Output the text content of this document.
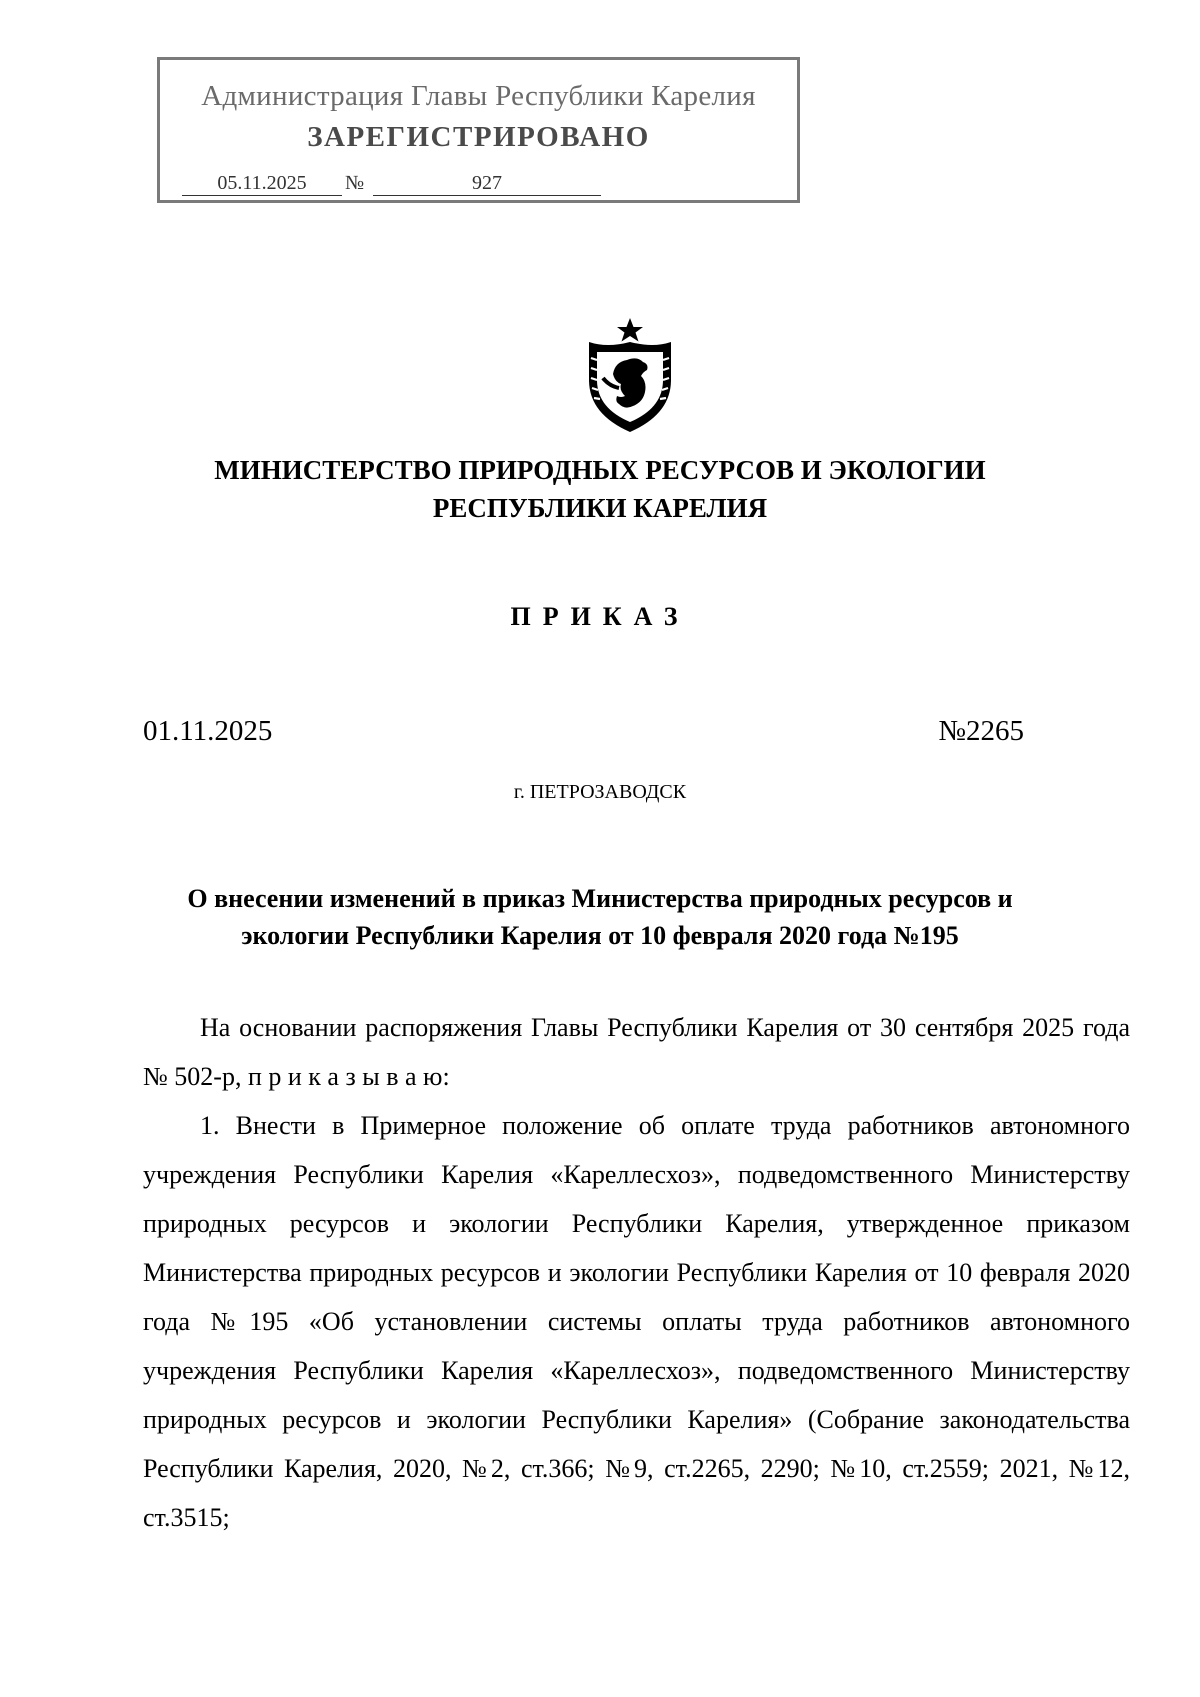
Администрация Главы Республики Карелия
ЗАРЕГИСТРИРОВАНО
05.11.2025	№	927
МИНИСТЕРСТВО ПРИРОДНЫХ РЕСУРСОВ И ЭКОЛОГИИ
РЕСПУБЛИКИ КАРЕЛИЯ
ПРИКАЗ
01.11.2025	№2265
г. ПЕТРОЗАВОДСК
О внесении изменений в приказ Министерства природных ресурсов и
экологии Республики Карелия от 10 февраля 2020 года №195

На основании распоряжения Главы Республики Карелия от 30 сентября 2025 года № 502-р, п р и к а з ы в а ю:

1. Внести в Примерное положение об оплате труда работников автономного учреждения Республики Карелия «Кареллесхоз», подведомственного Министерству природных ресурсов и экологии Республики Карелия, утвержденное приказом Министерства природных ресурсов и экологии Республики Карелия от 10 февраля 2020 года №195 «Об установлении системы оплаты труда работников автономного учреждения Республики Карелия «Кареллесхоз», подведомственного Министерству природных ресурсов и экологии Республики Карелия» (Собрание законодательства Республики Карелия, 2020, №2, ст.366; №9, ст.2265, 2290; №10, ст.2559; 2021, №12, ст.3515;
